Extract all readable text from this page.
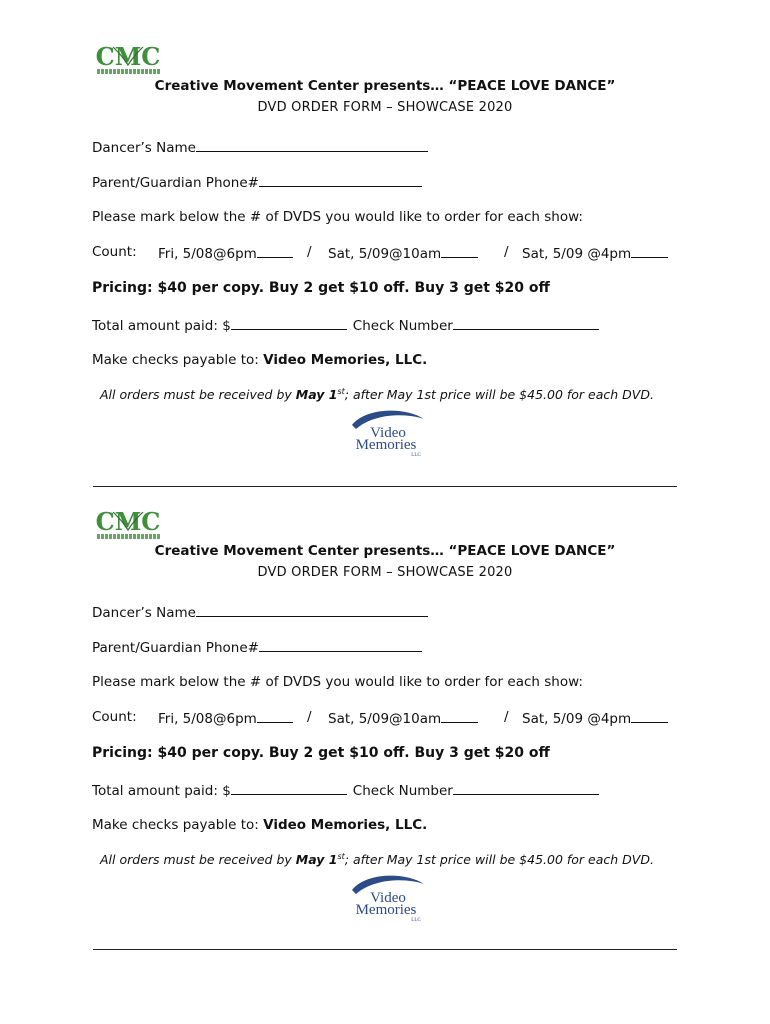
CMC
Creative Movement Center presents… “PEACE LOVE DANCE”
DVD ORDER FORM – SHOWCASE 2020
Dancer’s Name
Parent/Guardian Phone#
Please mark below the # of DVDS you would like to order for each show:
Count: Fri, 5/08@6pm	/ Sat, 5/09@10am	/ Sat, 5/09 @4pm
Pricing: $40 per copy. Buy 2 get $10 off. Buy 3 get $20 off
Total amount paid: $	Check Number
Make checks payable to: Video Memories, LLC.
All orders must be received by May 1st; after May 1st price will be $45.00 for each DVD.
Video
Memories
LLC
CMC
Creative Movement Center presents… “PEACE LOVE DANCE”
DVD ORDER FORM – SHOWCASE 2020
Dancer’s Name
Parent/Guardian Phone#
Please mark below the # of DVDS you would like to order for each show:
Count: Fri, 5/08@6pm	/ Sat, 5/09@10am	/ Sat, 5/09 @4pm
Pricing: $40 per copy. Buy 2 get $10 off. Buy 3 get $20 off
Total amount paid: $	Check Number
Make checks payable to: Video Memories, LLC.
All orders must be received by May 1st; after May 1st price will be $45.00 for each DVD.
Video
Memories
LLC
